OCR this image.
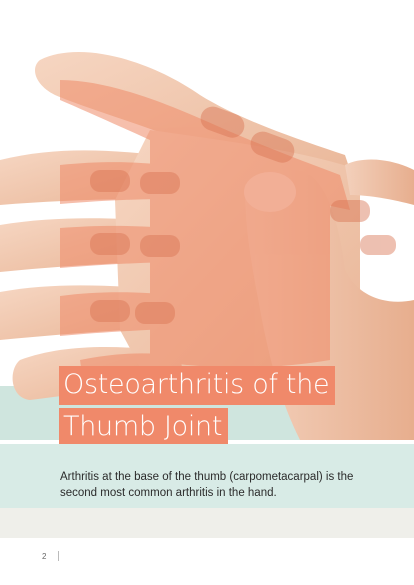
Osteoarthritis of the
Thumb Joint
Arthritis at the base of the thumb (carpometacarpal) is the second most common arthritis in the hand.
2
